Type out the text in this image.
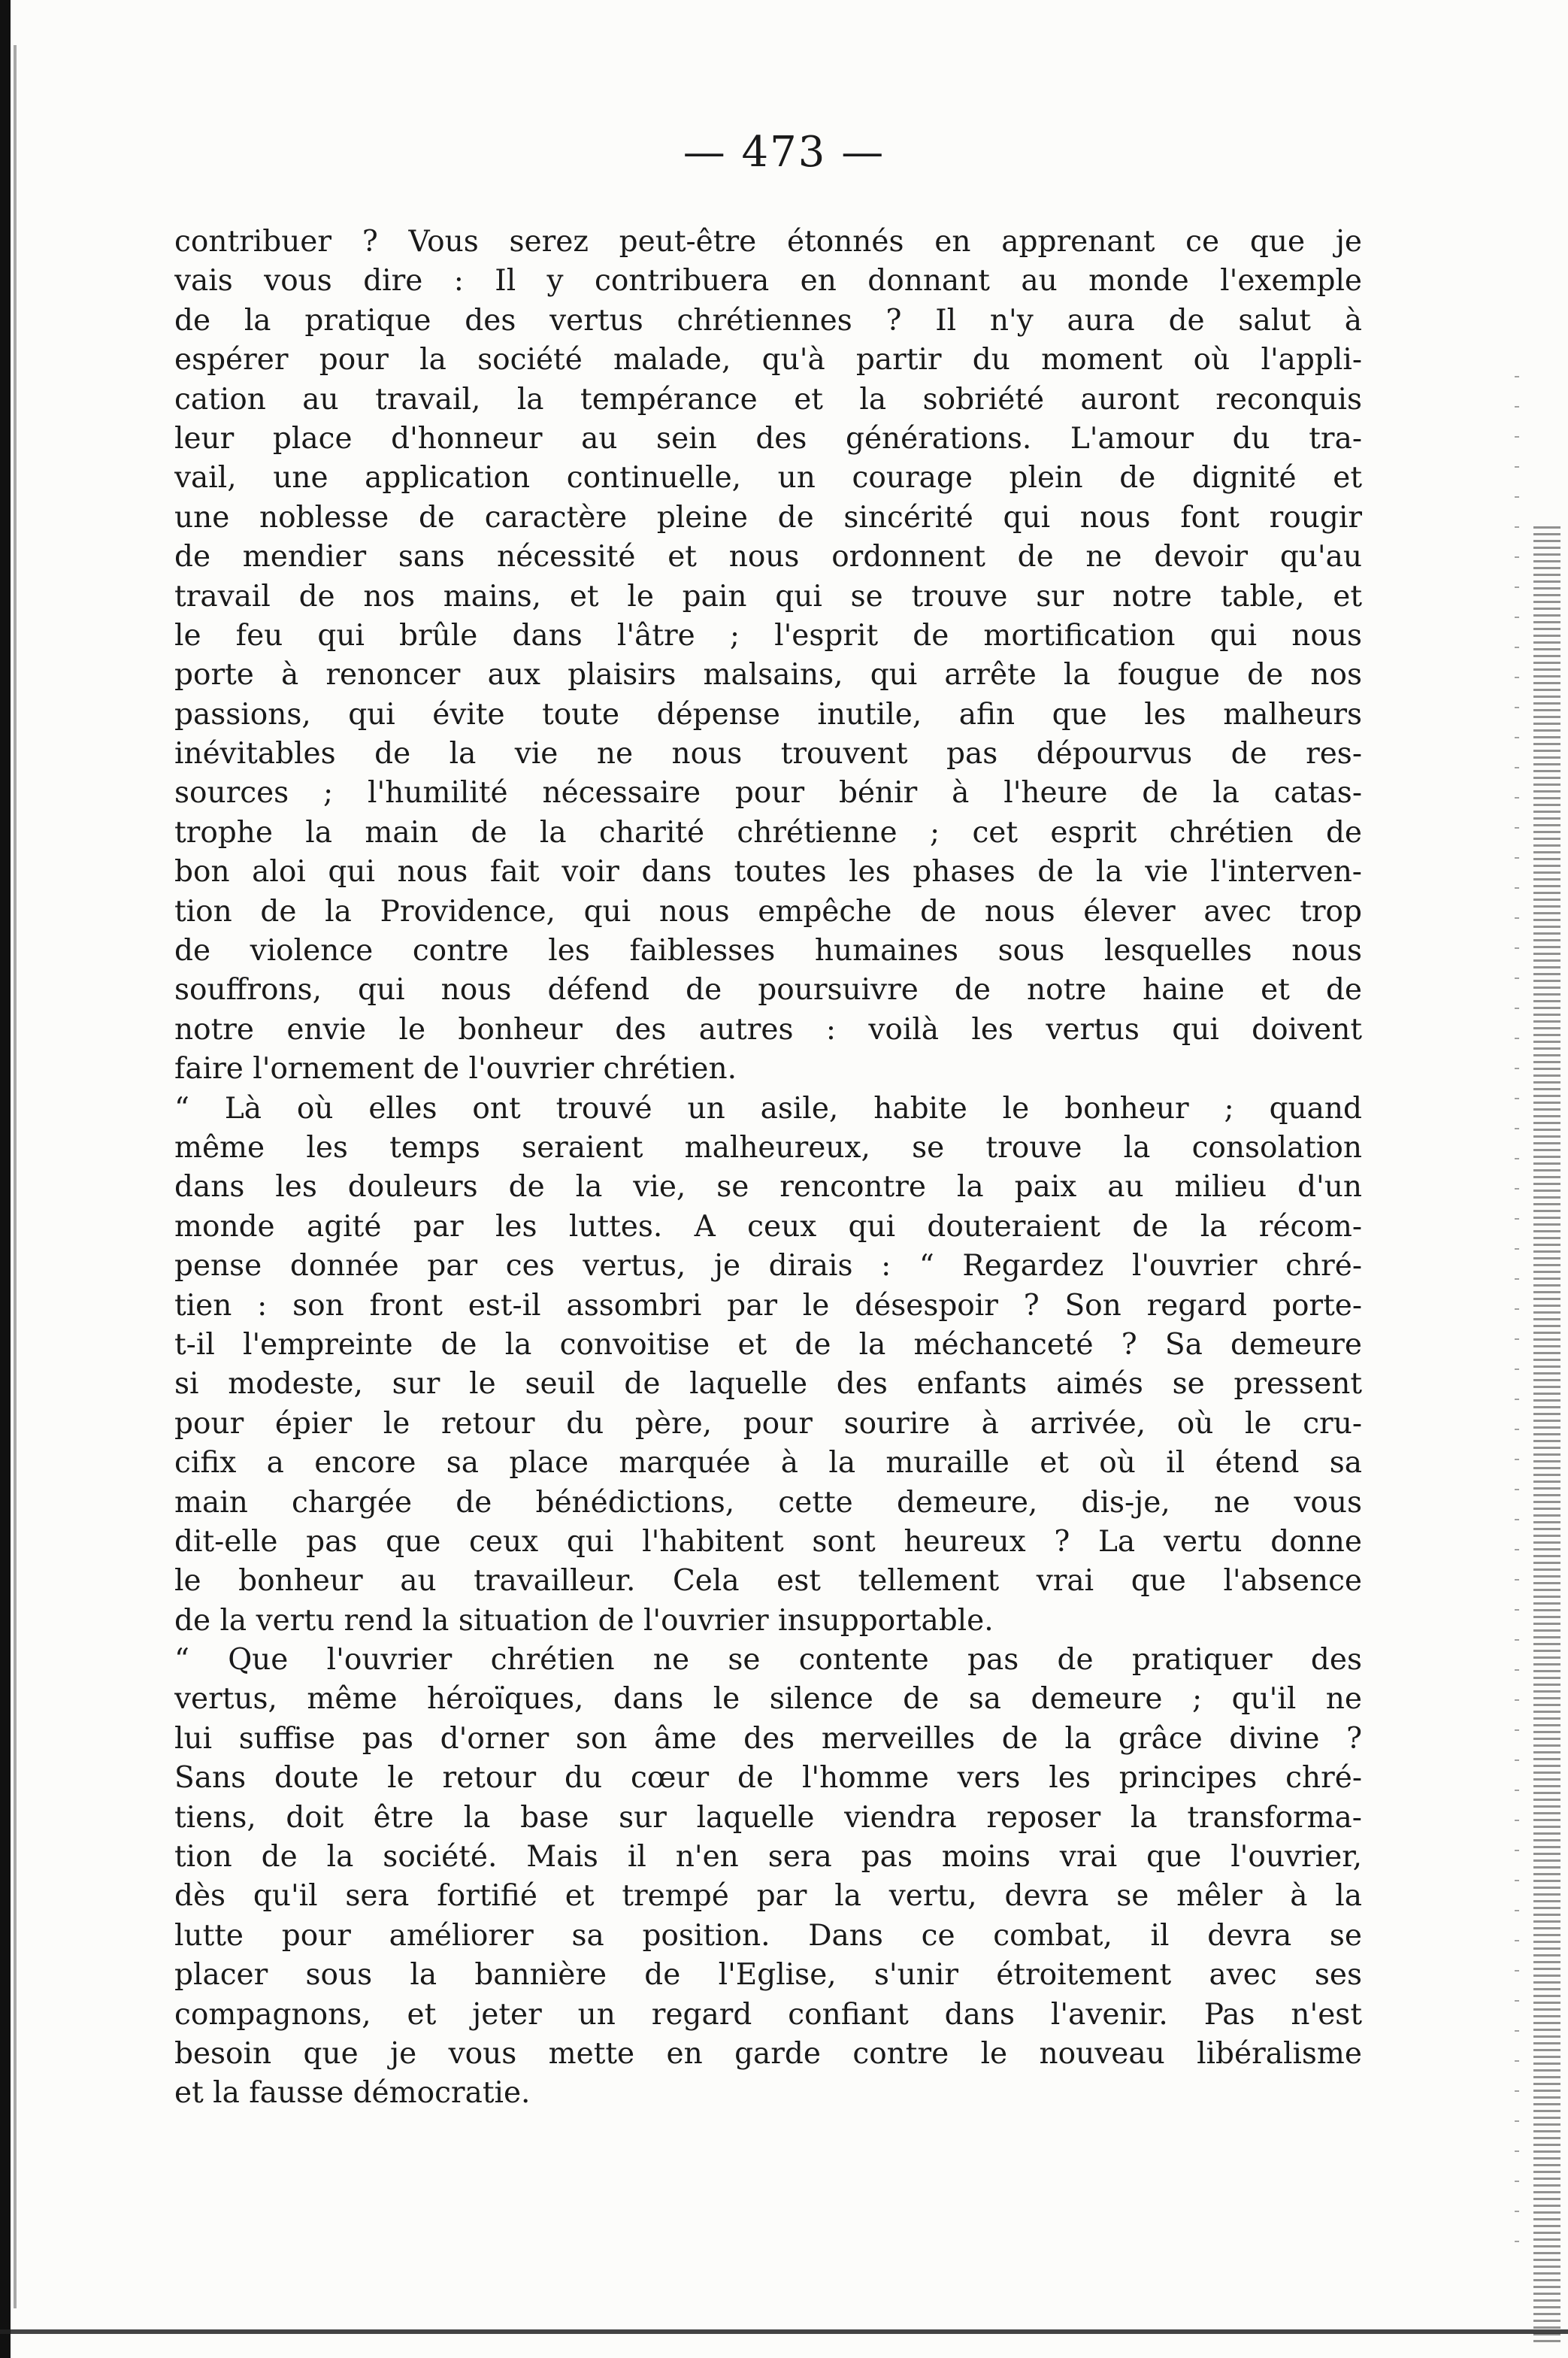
— 473 —
contribuer ? Vous serez peut-être étonnés en apprenant ce que je
vais vous dire : Il y contribuera en donnant au monde l'exemple
de la pratique des vertus chrétiennes ? Il n'y aura de salut à
espérer pour la société malade, qu'à partir du moment où l'appli-
cation au travail, la tempérance et la sobriété auront reconquis
leur place d'honneur au sein des générations. L'amour du tra-
vail, une application continuelle, un courage plein de dignité et
une noblesse de caractère pleine de sincérité qui nous font rougir
de mendier sans nécessité et nous ordonnent de ne devoir qu'au
travail de nos mains, et le pain qui se trouve sur notre table, et
le feu qui brûle dans l'âtre ; l'esprit de mortification qui nous
porte à renoncer aux plaisirs malsains, qui arrête la fougue de nos
passions, qui évite toute dépense inutile, afin que les malheurs
inévitables de la vie ne nous trouvent pas dépourvus de res-
sources ; l'humilité nécessaire pour bénir à l'heure de la catas-
trophe la main de la charité chrétienne ; cet esprit chrétien de
bon aloi qui nous fait voir dans toutes les phases de la vie l'interven-
tion de la Providence, qui nous empêche de nous élever avec trop
de violence contre les faiblesses humaines sous lesquelles nous
souffrons, qui nous défend de poursuivre de notre haine et de
notre envie le bonheur des autres : voilà les vertus qui doivent
faire l'ornement de l'ouvrier chrétien.
“ Là où elles ont trouvé un asile, habite le bonheur ; quand
même les temps seraient malheureux, se trouve la consolation
dans les douleurs de la vie, se rencontre la paix au milieu d'un
monde agité par les luttes. A ceux qui douteraient de la récom-
pense donnée par ces vertus, je dirais : “ Regardez l'ouvrier chré-
tien : son front est-il assombri par le désespoir ? Son regard porte-
t-il l'empreinte de la convoitise et de la méchanceté ? Sa demeure
si modeste, sur le seuil de laquelle des enfants aimés se pressent
pour épier le retour du père, pour sourire à arrivée, où le cru-
cifix a encore sa place marquée à la muraille et où il étend sa
main chargée de bénédictions, cette demeure, dis-je, ne vous
dit-elle pas que ceux qui l'habitent sont heureux ? La vertu donne
le bonheur au travailleur. Cela est tellement vrai que l'absence
de la vertu rend la situation de l'ouvrier insupportable.
“ Que l'ouvrier chrétien ne se contente pas de pratiquer des
vertus, même héroïques, dans le silence de sa demeure ; qu'il ne
lui suffise pas d'orner son âme des merveilles de la grâce divine ?
Sans doute le retour du cœur de l'homme vers les principes chré-
tiens, doit être la base sur laquelle viendra reposer la transforma-
tion de la société. Mais il n'en sera pas moins vrai que l'ouvrier,
dès qu'il sera fortifié et trempé par la vertu, devra se mêler à la
lutte pour améliorer sa position. Dans ce combat, il devra se
placer sous la bannière de l'Eglise, s'unir étroitement avec ses
compagnons, et jeter un regard confiant dans l'avenir. Pas n'est
besoin que je vous mette en garde contre le nouveau libéralisme
et la fausse démocratie.
